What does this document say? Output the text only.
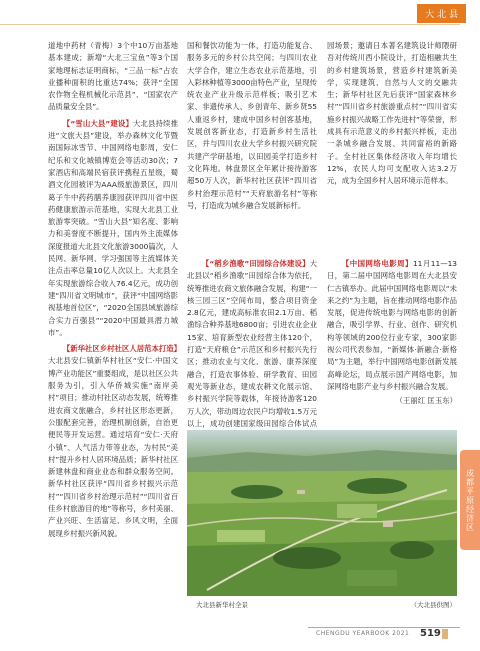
大 北 县

道地中药材（青梅）3个中10万亩基地基本建成；新增“大北三宝鱼”等3个国家地理标志证明商标，“三品一标”占农业播种面积的比重达74%；获评“全国农作物全程机械化示范县”、“国家农产品质量安全县”。

【“雪山大县”建设】大北县持续推进“文旅大县”建设，举办森林文化节暨南国际冰雪节、中国网络电影周，安仁纪乐和文化城镇博览会等活动30次；7家酒店和高端民宿获评携程五星级，蜀酒文化园被评为AAA级旅游景区，四川葛子牛中药药膳养康园获评四川省中医药健康旅游示范基地，实现大北县工业旅游零突破。“雪山大县”知名度、影响力和美誉度不断提升，国内外主流媒体深度报道大北县文化旅游3000篇次，人民网、新华网、学习强国等主流媒体关注点击率总量10亿人次以上。大北县全年实现旅游综合收入76.4亿元，成功创建“四川省文明城市”，获评“中国网络影视基地首位区”，“2020全国县域旅游综合实力百强县”“2020中国最具潜力城市”。

【新华社区乡村社区人居范本打造】大北县安仁镇新华村社区“安仁·中国文博产业功能区”重要组成，是以社区公共服务为引，引入华侨城实施“南岸美村”项目；推动村社区动态发展，统筹推进农商文旅融合，乡村社区形态更新，公服配套完善，治理机制创新，自治更便民等开发运营。通过培育“安仁·天府小镇”、人气活力带等业态，为村民“美村”提升乡村人居环境品质；新华村社区新建林盘和商业业态和群众服务空间。新华村社区获评“四川省乡村振兴示范村”“四川省乡村治理示范村”“四川省百佳乡村旅游目的地”等称号，乡村美丽、产业兴旺、生活富足、乡风文明，全面展现乡村振兴新风貌。

国和餐饮功能为一体，打造功能复合、服务多元的乡村公共空间；与四川农业大学合作，建立生态农业示范基地，引入彩林种植等3000亩特色产业，呈现传统农业产业升级示范样板；吸引艺术家、非遗传承人、乡创青年、新乡贤55人重返乡村，建成中国乡村创客基地，发展创客新业态，打造新乡村生活社区，并与四川农业大学乡村振兴研究院共建产学研基地，以田园美学打造乡村文化阵地。林盘景区全年累计接待游客超50万人次，新华村社区获评“四川省乡村治理示范村”“天府旅游名村”等称号，打造成为城乡融合发展新标杆。

园场景；邀请日本著名建筑设计师隈研吾对传统川西小院设计，打造相融共生的乡村建筑场景，营造乡村建筑新美学，实现建筑、自然与人文的交融共生；新华村社区先后获评“国家森林乡村”“四川省乡村旅游重点村”“四川省实施乡村振兴战略工作先进村”等荣誉，形成具有示范意义的乡村振兴样板，走出一条城乡融合发展、共同富裕的新路子。全村社区集体经济收入年均增长12%，农民人均可支配收入达3.2万元，成为全国乡村人居环境示范样本。

【“稻乡渔歌”田园综合体建设】大北县以“稻乡渔歌”田园综合体为依托，统筹推进农商文旅体融合发展，构建“一核三园三区”空间布局，整合项目资金2.8亿元，建成高标准农田2.1万亩、稻渔综合种养基地6800亩；引进农业企业15家、培育新型农业经营主体120个，打造“天府粮仓”示范区和乡村振兴先行区；推动农业与文化、旅游、康养深度融合，打造农事体验、研学教育、田园观光等新业态，建成农耕文化展示馆、乡村振兴学院等载体，年接待游客120万人次，带动周边农民户均增收1.5万元以上，成功创建国家级田园综合体试点

【中国网络电影周】11月11—13日，第二届中国网络电影周在大北县安仁古镇举办。此届中国网络电影周以“未来之约”为主题，旨在推动网络电影作品发展，促进传统电影与网络电影的创新融合，吸引学界、行业、创作、研究机构等领域的200位行业专家，300家影视公司代表参加，“新媒体·新融合·新格局”为主题，举行中国网络电影创新发展高峰论坛，局点展示国产网络电影，加深网络电影产业与乡村振兴融合发展。

（王丽红 匡玉东）

大北县新华村全景	（大北县供图）
成都平原经济区
CHENGDU YEARBOOK 2021 519
